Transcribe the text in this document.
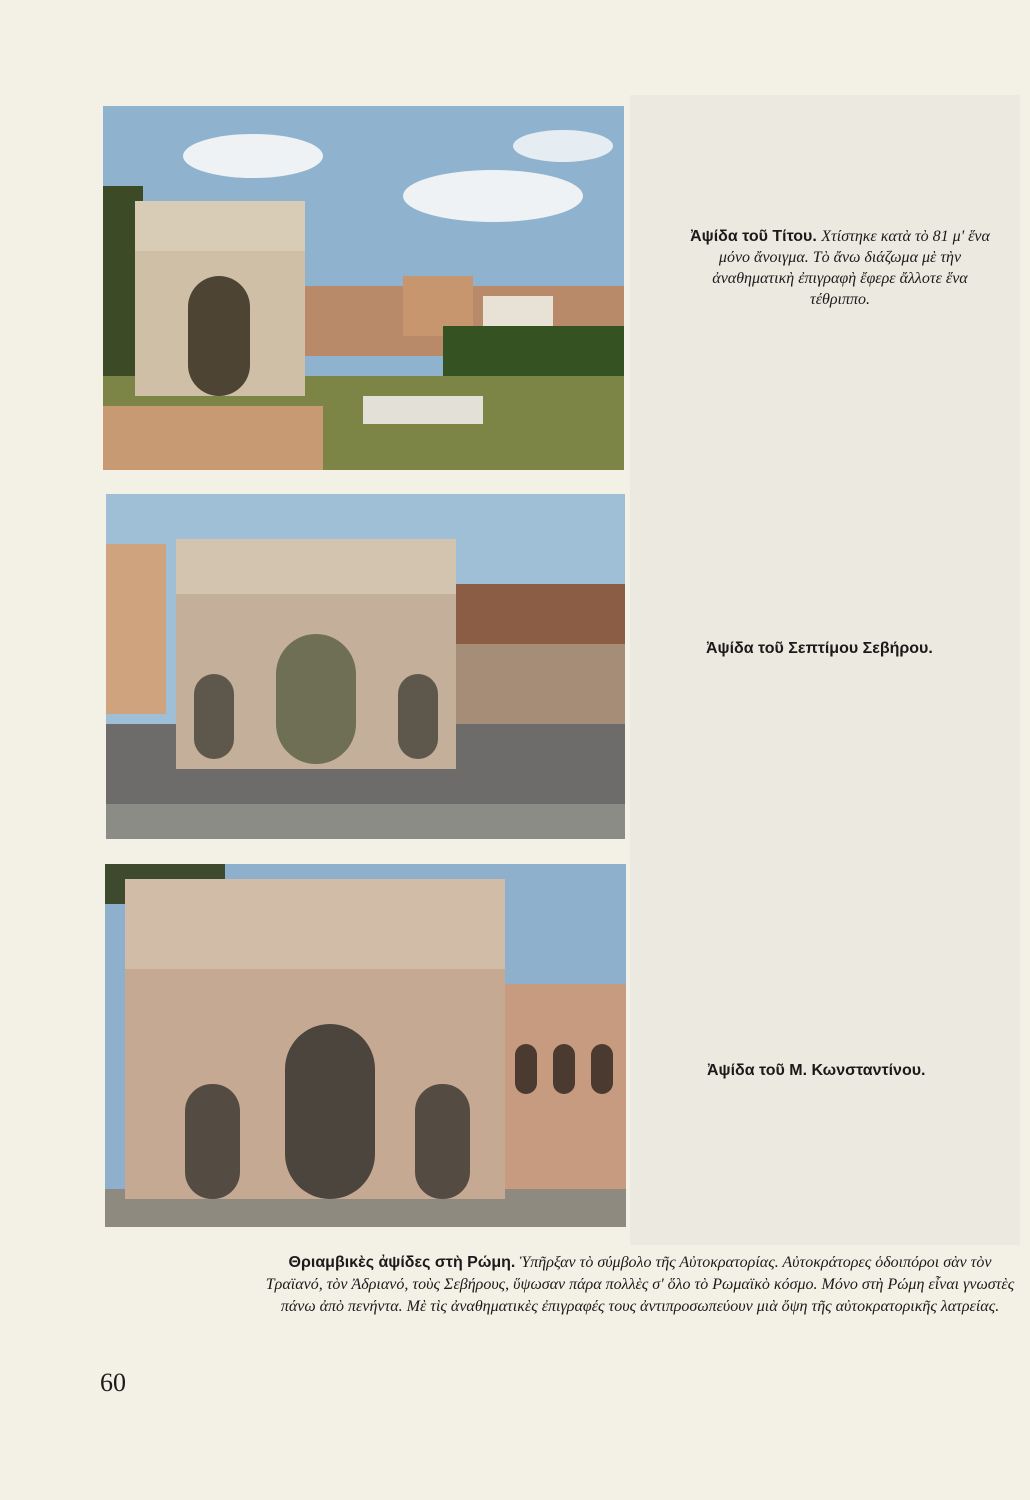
Ἀψίδα τοῦ Τίτου. Χτίστηκε κατὰ τὸ 81 μ' ἕνα μόνο ἄνοιγμα. Τὸ ἄνω διάζωμα μὲ τὴν ἀναθηματικὴ ἐπιγραφὴ ἔφερε ἄλλοτε ἕνα τέθριππο.
Ἀψίδα τοῦ Σεπτίμου Σεβήρου.
Ἀψίδα τοῦ Μ. Κωνσταντίνου.
Θριαμβικὲς ἀψίδες στὴ Ρώμη. Ὑπῆρξαν τὸ σύμβολο τῆς Αὐτοκρατορίας. Αὐτοκράτορες ὁδοιπόροι σὰν τὸν Τραϊανό, τὸν Ἀδριανό, τοὺς Σεβήρους, ὕψωσαν πάρα πολλὲς σ' ὅλο τὸ Ρωμαϊκὸ κόσμο. Μόνο στὴ Ρώμη εἶναι γνωστὲς πάνω ἀπὸ πενήντα. Μὲ τὶς ἀναθηματικὲς ἐπιγραφές τους ἀντιπροσωπεύουν μιὰ ὄψη τῆς αὐτοκρατορικῆς λατρείας.
60
